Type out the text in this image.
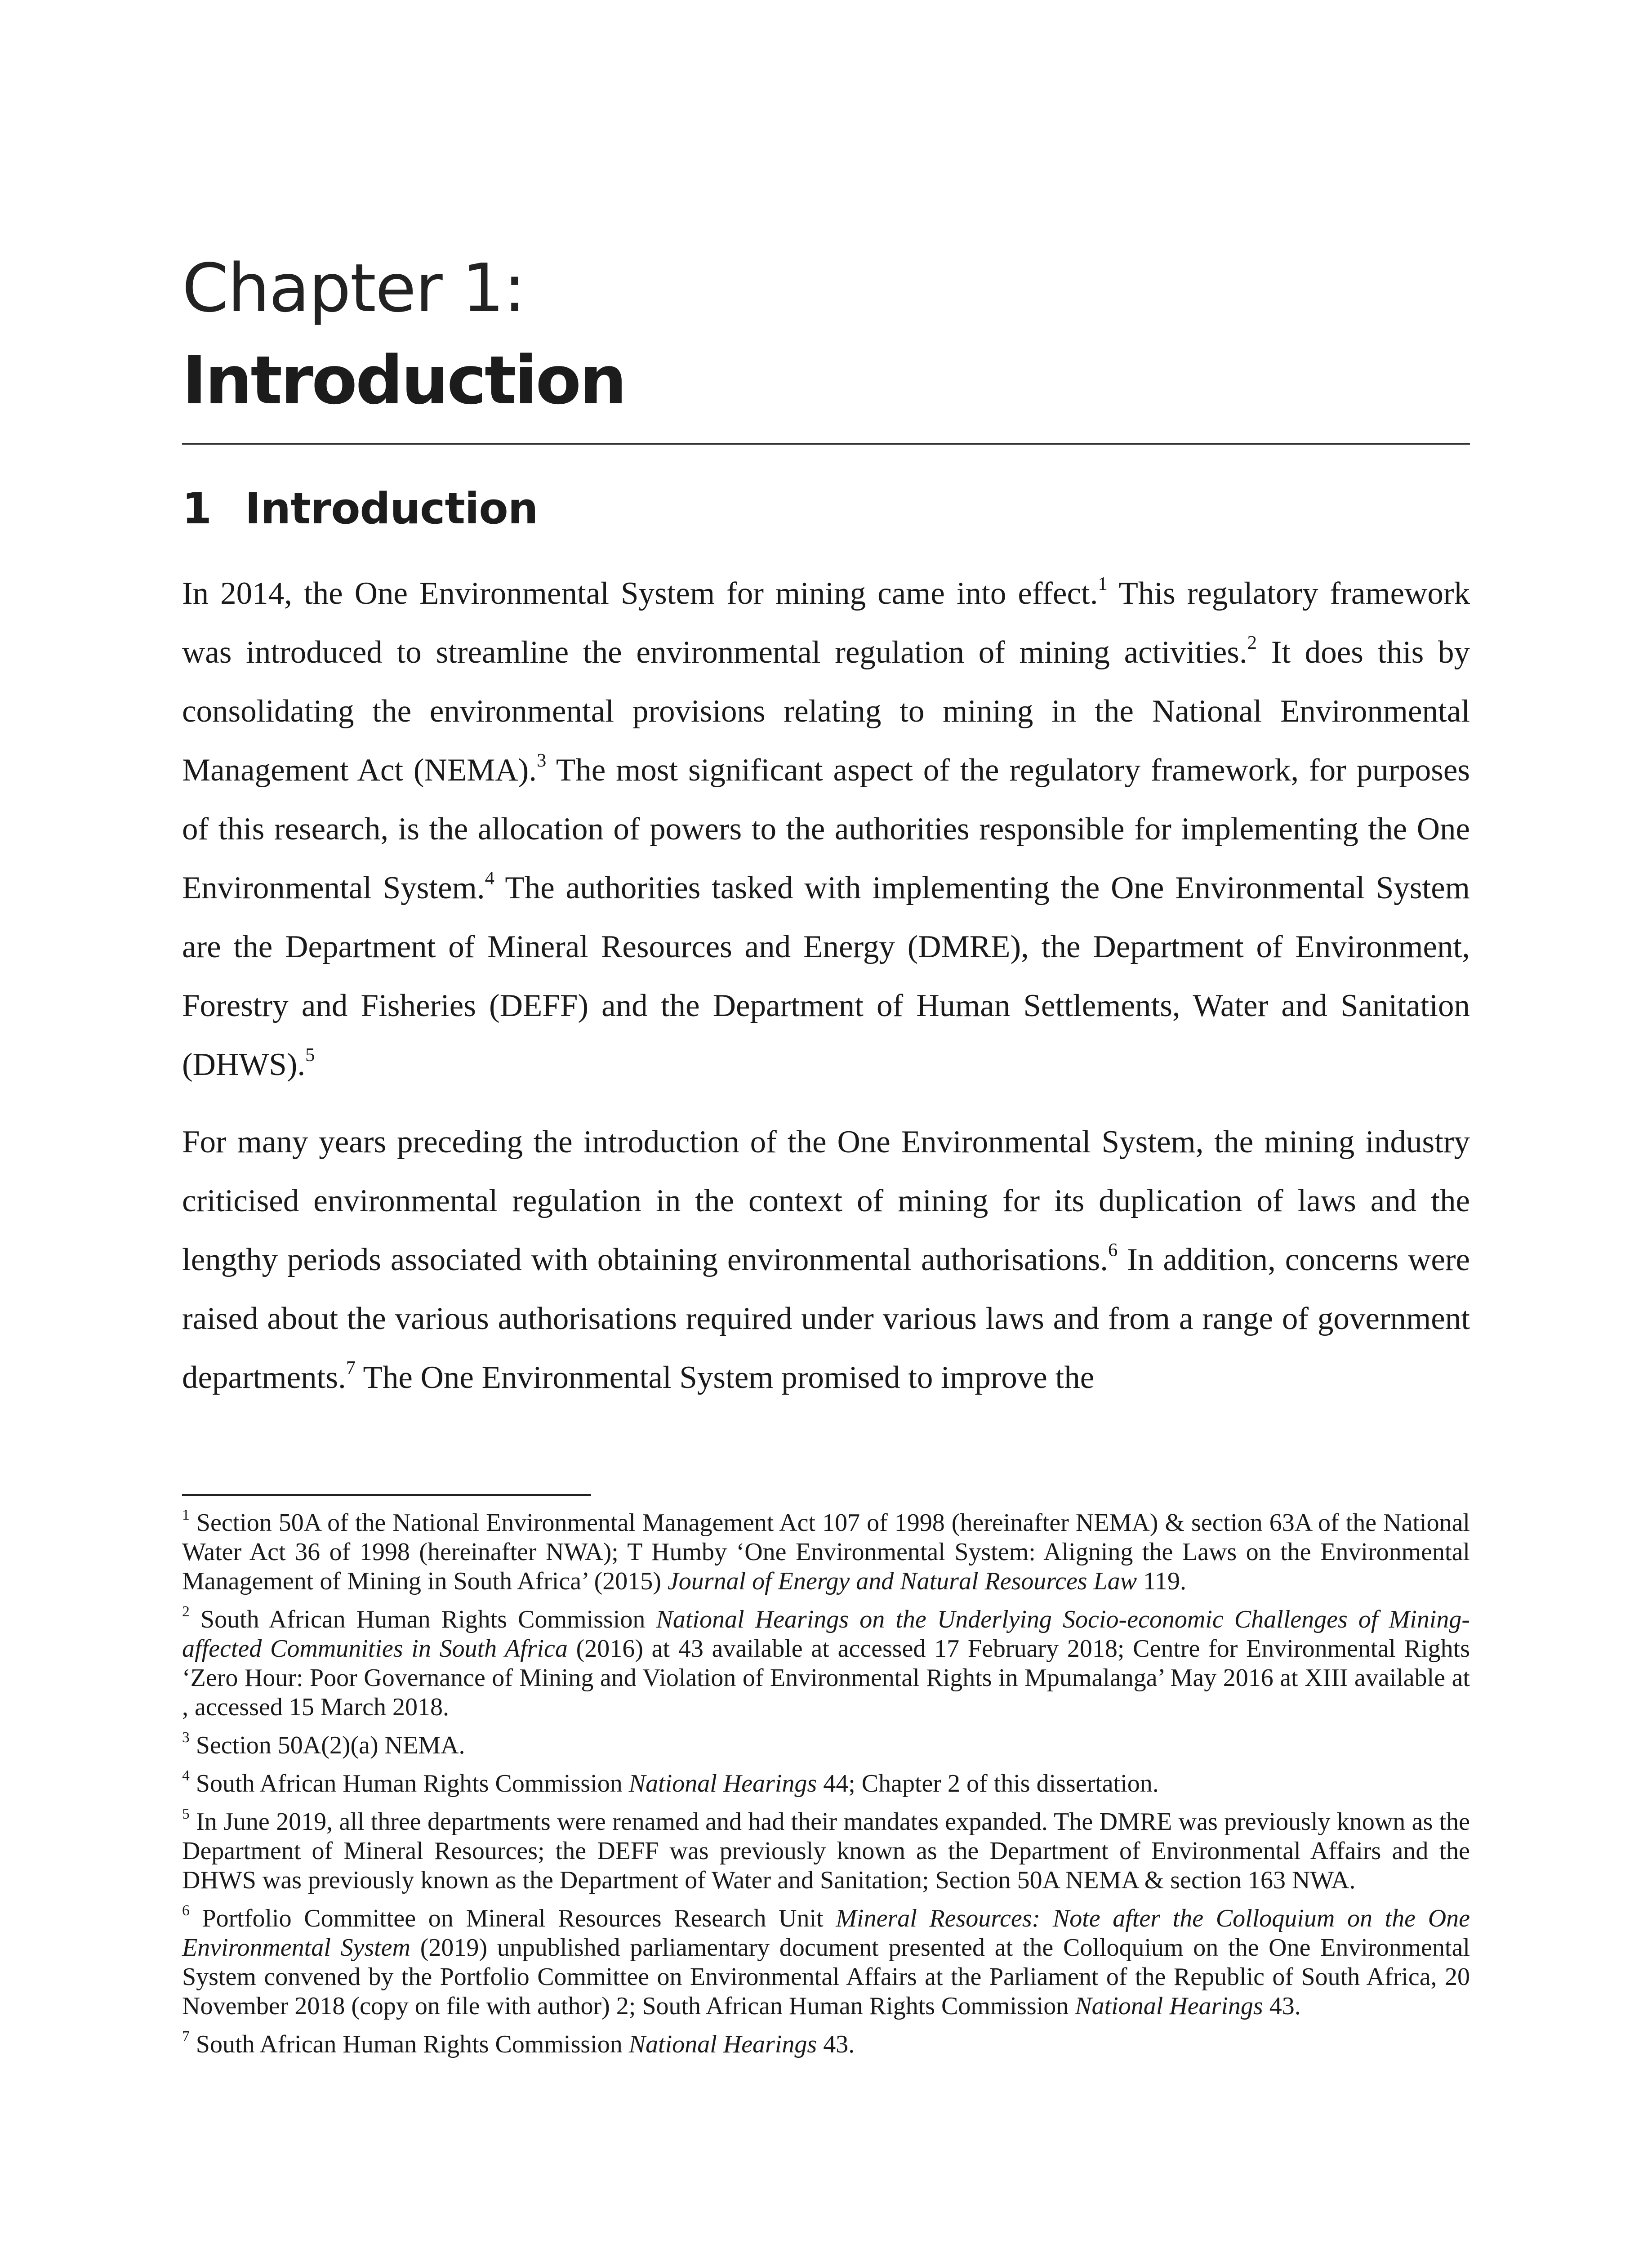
Chapter 1:
Introduction
1 Introduction

In 2014, the One Environmental System for mining came into effect.$^1$ This regulatory framework was introduced to streamline the environmental regulation of mining activities.$^2$ It does this by consolidating the environmental provisions relating to mining in the National Environmental Management Act (NEMA).$^3$ The most significant aspect of the regulatory framework, for purposes of this research, is the allocation of powers to the authorities responsible for implementing the One Environmental System.$^4$ The authorities tasked with implementing the One Environmental System are the Department of Mineral Resources and Energy (DMRE), the Department of Environment, Forestry and Fisheries (DEFF) and the Department of Human Settlements, Water and Sanitation (DHWS).$^5$

For many years preceding the introduction of the One Environmental System, the mining industry criticised environmental regulation in the context of mining for its duplication of laws and the lengthy periods associated with obtaining environmental authorisations.$^6$ In addition, concerns were raised about the various authorisations required under various laws and from a range of government departments.$^7$ The One Environmental System promised to improve the

$^1$ Section 50A of the National Environmental Management Act 107 of 1998 (hereinafter NEMA) & section 63A of the National Water Act 36 of 1998 (hereinafter NWA); T Humby ‘One Environmental System: Aligning the Laws on the Environmental Management of Mining in South Africa’ (2015) Journal of Energy and Natural Resources Law 119.

$^2$ South African Human Rights Commission National Hearings on the Underlying Socio-economic Challenges of Mining-affected Communities in South Africa (2016) at 43 available at accessed 17 February 2018; Centre for Environmental Rights ‘Zero Hour: Poor Governance of Mining and Violation of Environmental Rights in Mpumalanga’ May 2016 at XIII available at , accessed 15 March 2018.

$^3$ Section 50A(2)(a) NEMA.

$^4$ South African Human Rights Commission National Hearings 44; Chapter 2 of this dissertation.

$^5$ In June 2019, all three departments were renamed and had their mandates expanded. The DMRE was previously known as the Department of Mineral Resources; the DEFF was previously known as the Department of Environmental Affairs and the DHWS was previously known as the Department of Water and Sanitation; Section 50A NEMA & section 163 NWA.

$^6$ Portfolio Committee on Mineral Resources Research Unit Mineral Resources: Note after the Colloquium on the One Environmental System (2019) unpublished parliamentary document presented at the Colloquium on the One Environmental System convened by the Portfolio Committee on Environmental Affairs at the Parliament of the Republic of South Africa, 20 November 2018 (copy on file with author) 2; South African Human Rights Commission National Hearings 43.

$^7$ South African Human Rights Commission National Hearings 43.
